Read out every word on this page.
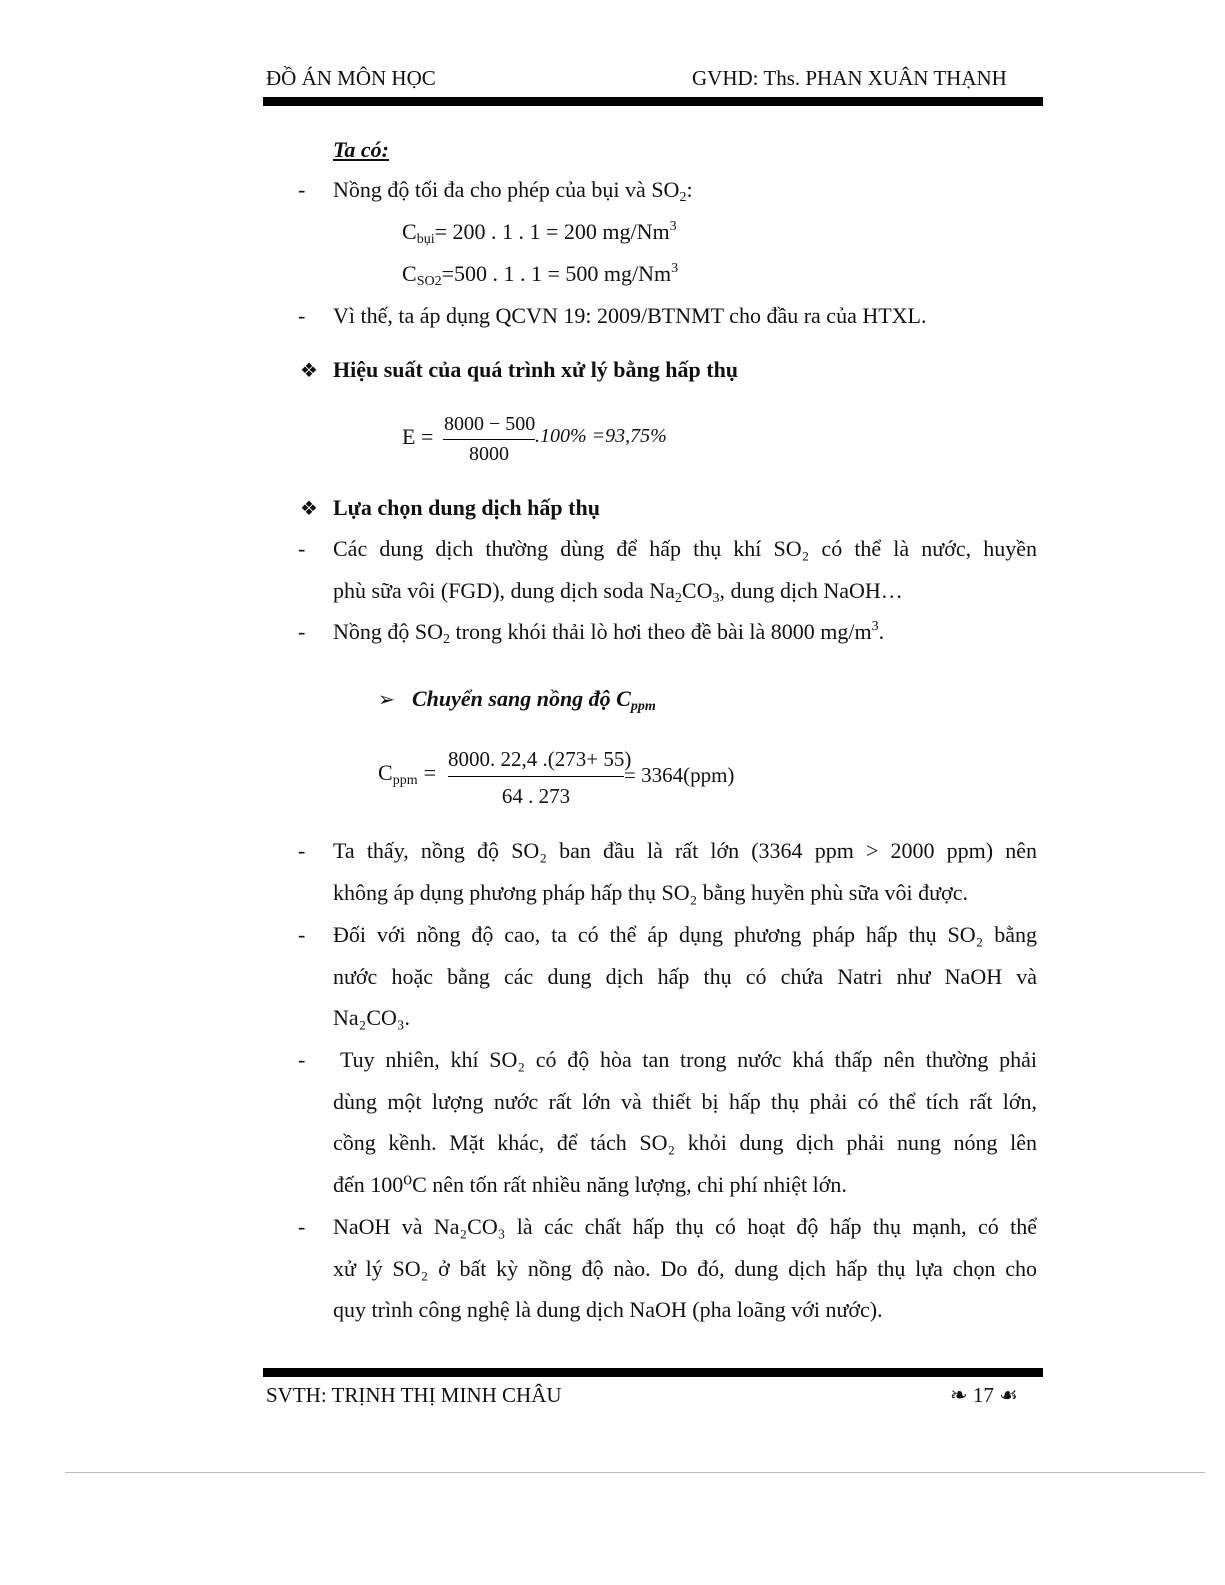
ĐỒ ÁN MÔN HỌC	GVHD: Ths. PHAN XUÂN THẠNH
Ta có:
- Nồng độ tối đa cho phép của bụi và $SO_2$:
$C_{bụi}= 200$ . 1 . 1 = 200 mg/Nm$^3$
$C_{SO2}=500$ . 1 . 1 = 500 mg/Nm$^3$
- Vì thế, ta áp dụng QCVN 19: 2009/BTNMT cho đầu ra của HTXL.
❖ Hiệu suất của quá trình xử lý bằng hấp thụ
E = 8000 − 500
8000
.100% =93,75%
❖ Lựa chọn dung dịch hấp thụ
- Các dung dịch thường dùng để hấp thụ khí SO₂ có thể là nước, huyền
phù sữa vôi (FGD), dung dịch soda $Na_2CO_3$, dung dịch NaOH…
- Nồng độ $SO_2$ trong khói thải lò hơi theo đề bài là 8000 $mg/m^3$.
➢ Chuyển sang nồng độ $C_{ppm}$
$C_{ppm}$ =
8000. 22,4 .(273+ 55)
64 . 273
= 3364(ppm)
- Ta thấy, nồng độ SO₂ ban đầu là rất lớn (3364 ppm > 2000 ppm) nên
không áp dụng phương pháp hấp thụ SO₂ bằng huyền phù sữa vôi được.
- Đối với nồng độ cao, ta có thể áp dụng phương pháp hấp thụ SO₂ bằng
nước hoặc bằng các dung dịch hấp thụ có chứa Natri như NaOH và
Na₂CO₃.
- Tuy nhiên, khí SO₂ có độ hòa tan trong nước khá thấp nên thường phải
dùng một lượng nước rất lớn và thiết bị hấp thụ phải có thể tích rất lớn,
cồng kềnh. Mặt khác, để tách SO₂ khỏi dung dịch phải nung nóng lên
đến 100⁰C nên tốn rất nhiều năng lượng, chi phí nhiệt lớn.
- NaOH và Na₂CO₃ là các chất hấp thụ có hoạt độ hấp thụ mạnh, có thể
xử lý SO₂ ở bất kỳ nồng độ nào. Do đó, dung dịch hấp thụ lựa chọn cho
quy trình công nghệ là dung dịch NaOH (pha loãng với nước).
SVTH: TRỊNH THỊ MINH CHÂU	❧ 17 ☙
